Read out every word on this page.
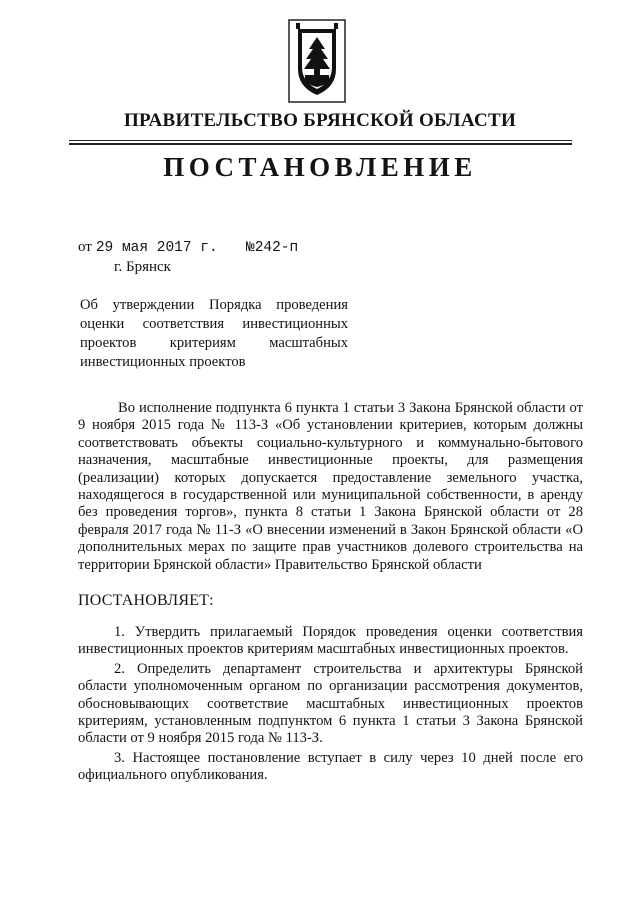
ПРАВИТЕЛЬСТВО БРЯНСКОЙ ОБЛАСТИ
ПОСТАНОВЛЕНИЕ
от 29 мая 2017 г. №242-п
г. Брянск
Об утверждении Порядка проведения оценки соответствия инвестиционных проектов критериям масштабных инвестиционных проектов
Во исполнение подпункта 6 пункта 1 статьи 3 Закона Брянской области от 9 ноября 2015 года № 113-З «Об установлении критериев, которым должны соответствовать объекты социально-культурного и коммунально-бытового назначения, масштабные инвестиционные проекты, для размещения (реализации) которых допускается предоставление земельного участка, находящегося в государственной или муниципальной собственности, в аренду без проведения торгов», пункта 8 статьи 1 Закона Брянской области от 28 февраля 2017 года № 11-З «О внесении изменений в Закон Брянской области «О дополнительных мерах по защите прав участников долевого строительства на территории Брянской области» Правительство Брянской области
ПОСТАНОВЛЯЕТ:

1. Утвердить прилагаемый Порядок проведения оценки соответствия инвестиционных проектов критериям масштабных инвестиционных проектов.

2. Определить департамент строительства и архитектуры Брянской области уполномоченным органом по организации рассмотрения документов, обосновывающих соответствие масштабных инвестиционных проектов критериям, установленным подпунктом 6 пункта 1 статьи 3 Закона Брянской области от 9 ноября 2015 года № 113-З.

3. Настоящее постановление вступает в силу через 10 дней после его официального опубликования.
